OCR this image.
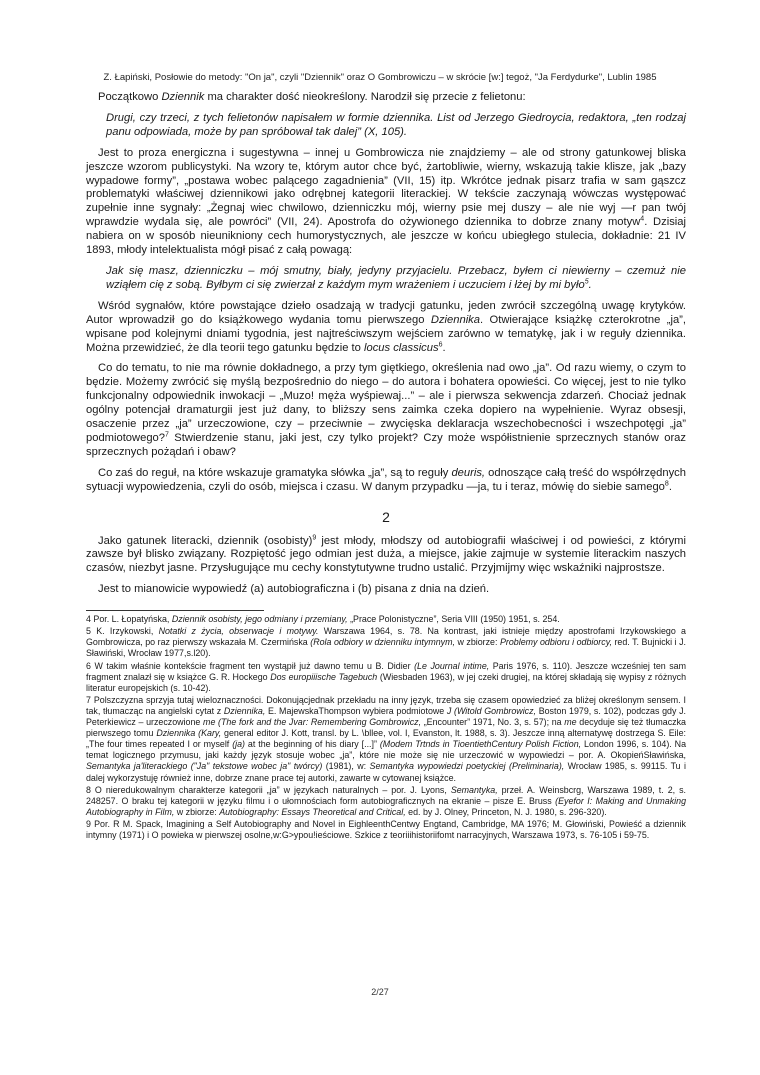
Z. Łapiński, Posłowie do metody: "On ja", czyli "Dziennik" oraz O Gombrowiczu – w skrócie [w:] tegoż, "Ja Ferdydurke", Lublin 1985

Początkowo Dziennik ma charakter dość nieokreślony. Narodził się przecie z felietonu:

Drugi, czy trzeci, z tych felietonów napisałem w formie dziennika. List od Jerzego Giedroycia, redaktora, „ten rodzaj panu odpowiada, może by pan spróbował tak dalej” (X, 105).

Jest to proza energiczna i sugestywna – innej u Gombrowicza nie znajdziemy – ale od strony gatunkowej bliska jeszcze wzorom publicystyki. Na wzory te, którym autor chce być, żartobliwie, wierny, wskazują takie klisze, jak „bazy wypadowe formy”, „postawa wobec palącego zagadnienia” (VII, 15) itp. Wkrótce jednak pisarz trafia w sam gąszcz problematyki właściwej dziennikowi jako odrębnej kategorii literackiej. W tekście zaczynają wówczas występować zupełnie inne sygnały: „Żegnaj wiec chwilowo, dzienniczku mój, wierny psie mej duszy – ale nie wyj —r pan twój wprawdzie wydala się, ale powróci” (VII, 24). Apostrofa do ożywionego dziennika to dobrze znany motyw$^4$. Dzisiaj nabiera on w sposób nieunikniony cech humorystycznych, ale jeszcze w końcu ubiegłego stulecia, dokładnie: 21 IV 1893, młody intelektualista mógł pisać z całą powagą:

Jak się masz, dzienniczku – mój smutny, biały, jedyny przyjacielu. Przebacz, byłem ci niewierny – czemuż nie wziąłem cię z sobą. Byłbym ci się zwierzał z każdym mym wrażeniem i uczuciem i łżej by mi było$^5$.

Wśród sygnałów, które powstające dzieło osadzają w tradycji gatunku, jeden zwrócił szczególną uwagę krytyków. Autor wprowadził go do książkowego wydania tomu pierwszego Dziennika. Otwierające książkę czterokrotne „ja”, wpisane pod kolejnymi dniami tygodnia, jest najtreściwszym wejściem zarówno w tematykę, jak i w reguły dziennika. Można przewidzieć, że dla teorii tego gatunku będzie to locus classicus$^6$.

Co do tematu, to nie ma równie dokładnego, a przy tym giętkiego, określenia nad owo „ja”. Od razu wiemy, o czym to będzie. Możemy zwrócić się myślą bezpośrednio do niego – do autora i bohatera opowieści. Co więcej, jest to nie tylko funkcjonalny odpowiednik inwokacji – „Muzo! mężа wyśpiewaj...” – ale i pierwsza sekwencja zdarzeń. Chociaż jednak ogólny potencjał dramaturgii jest już dany, to bliższy sens zaimka czeka dopiero na wypełnienie. Wyraz obsesji, osaczenie przez „ja” urzeczowione, czy – przeciwnie – zwycięska deklaracja wszechobecności i wszechpotęgi „ja” podmiotowego?$^7$ Stwierdzenie stanu, jaki jest, czy tylko projekt? Czy może współistnienie sprzecznych stanów oraz sprzecznych pożądań i obaw?

Co zaś do reguł, na które wskazuje gramatyka słówka „ja”, są to reguły deuris, odnoszące całą treść do współrzędnych sytuacji wypowiedzenia, czyli do osób, miejsca i czasu. W danym przypadku —ja, tu i teraz, mówię do siebie samego$^8$.

2

Jako gatunek literacki, dziennik (osobisty)$^9$ jest młody, młodszy od autobiografii właściwej i od powieści, z którymi zawsze był blisko związany. Rozpiętość jego odmian jest duża, a miejsce, jakie zajmuje w systemie literackim naszych czasów, niezbyt jasne. Przysługujące mu cechy konstytutywne trudno ustalić. Przyjmijmy więc wskaźniki najprostsze.

Jest to mianowicie wypowiedź (a) autobiograficzna i (b) pisana z dnia na dzień.

4 Por. L. Łopatyńska, Dziennik osobisty, jego odmiany i przemiany, „Prace Polonistyczne”, Seria VIII (1950) 1951, s. 254.

5 K. Irzykowski, Notatki z życia, obserwacje i motywy. Warszawa 1964, s. 78. Na kontrast, jaki istnieje między apostrofami Irzykowskiego a Gombrowicza, po raz pierwszy wskazała M. Czermińska (Rola odbiory w dzienniku intymnym, w zbiorze: Problemy odbioru i odbiorcy, red. T. Bujnicki i J. Sławiński, Wrocław 1977,s.l20).

6 W takim właśnie kontekście fragment ten wystąpił już dawno temu u B. Didier (Le Journal intime, Paris 1976, s. 110). Jeszcze wcześniej ten sam fragment znalazł się w książce G. R. Hockego Dos europiiische Tagebuch (Wiesbaden 1963), w jej czeki drugiej, na której składają się wypisy z różnych literatur europejskich (s. 10-42).

7 Polszczyzna sprzyja tutaj wieloznaczności. Dokonującjednak przekładu na inny język, trzeba się czasem opowiedzieć za bliżej określonym sensem. I tak, tłumacząc na angielski cytat z Dziennika, E. MajewskaThompson wybiera podmiotowe J (Witold Gombrowicz, Boston 1979, s. 102), podczas gdy J. Peterkiewicz – urzeczowione me (The fork and the Jvar: Remembering Gombrowicz, „Encounter” 1971, No. 3, s. 57); na me decyduje się też tłumaczka pierwszego tomu Dziennika (Kary, general editor J. Kott, transl. by L. \bllee, vol. I, Evanston, lt. 1988, s. 3). Jeszcze inną alternatywę dostrzega S. Eile: „The four times repeated I or myself (ja) at the beginning of his diary [...]” (Modem Trtnds in TioentiethCentury Polish Fiction, London 1996, s. 104). Na temat logicznego przymusu, jaki każdy język stosuje wobec „ja”, które nie może się nie urzeczowić w wypowiedzi – por. A. OkopieńSławińska, Semantyka ja'literackiego ("Ja" tekstowe wobec ja" twórcy) (1981), w: Semantyka wypowiedzi poetyckiej (Preliminaria), Wrocław 1985, s. 99115. Tu i dalej wykorzystuję również inne, dobrze znane prace tej autorki, zawarte w cytowanej książce.

8 O nieredukowalnym charakterze kategorii „ja” w językach naturalnych – por. J. Lyons, Semantyka, przeł. A. Weinsbcrg, Warszawa 1989, t. 2, s. 248257. O braku tej kategorii w języku filmu i o ułomnościach form autobiograficznych na ekranie – pisze E. Bruss (Eyefor I: Making and Unmaking Autobiography in Film, w zbiorze: Autobiography: Essays Theoretical and Critical, ed. by J. Olney, Princeton, N. J. 1980, s. 296-320).

9 Por. R M. Spack, Imagining a Self Autobiography and Novel in EighleenthCentwy Engtand, Cambridge, MA 1976; M. Głowiński, Powieść a dziennik intymny (1971) i O powieka w pierwszej osolne,w:G>ypou!ieściowe. Szkice z teoriiihistoriifomt narracyjnych, Warszawa 1973, s. 76-105 i 59-75.

2/27
